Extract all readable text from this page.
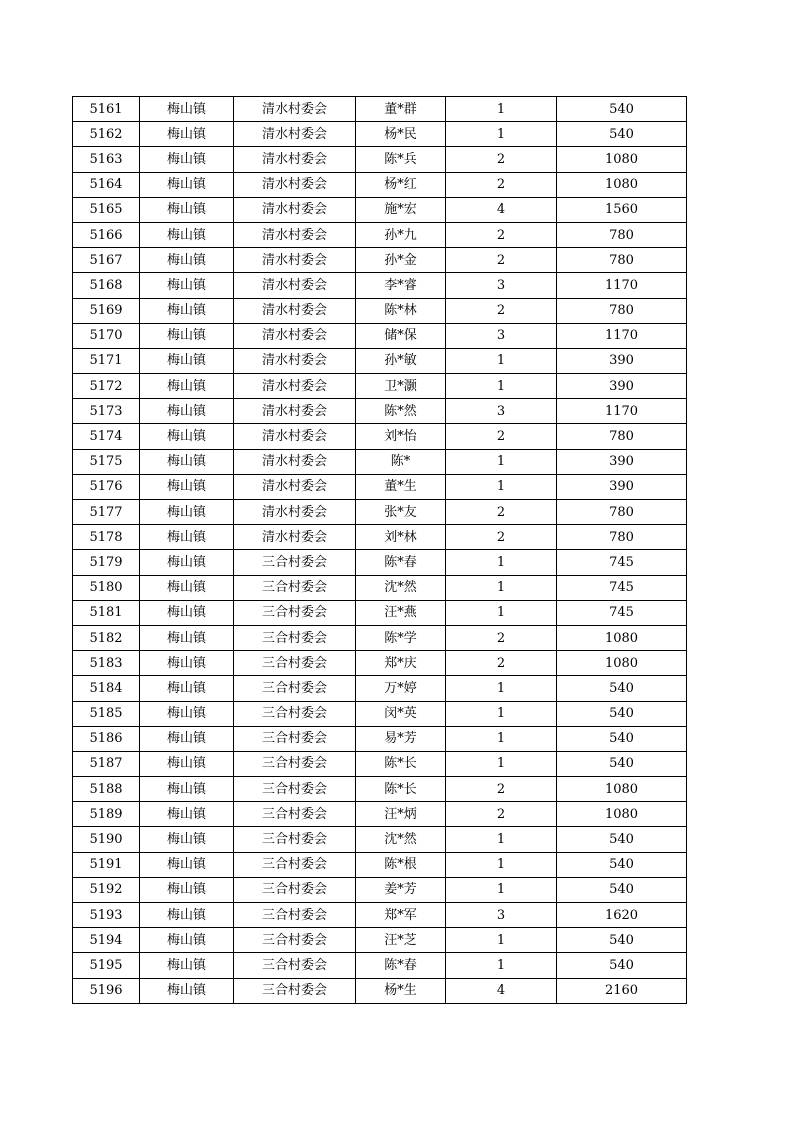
5161	梅山镇	清水村委会	董*群	1	540
5162	梅山镇	清水村委会	杨*民	1	540
5163	梅山镇	清水村委会	陈*兵	2	1080
5164	梅山镇	清水村委会	杨*红	2	1080
5165	梅山镇	清水村委会	施*宏	4	1560
5166	梅山镇	清水村委会	孙*九	2	780
5167	梅山镇	清水村委会	孙*金	2	780
5168	梅山镇	清水村委会	李*睿	3	1170
5169	梅山镇	清水村委会	陈*林	2	780
5170	梅山镇	清水村委会	储*保	3	1170
5171	梅山镇	清水村委会	孙*敏	1	390
5172	梅山镇	清水村委会	卫*灏	1	390
5173	梅山镇	清水村委会	陈*然	3	1170
5174	梅山镇	清水村委会	刘*怡	2	780
5175	梅山镇	清水村委会	陈*	1	390
5176	梅山镇	清水村委会	董*生	1	390
5177	梅山镇	清水村委会	张*友	2	780
5178	梅山镇	清水村委会	刘*林	2	780
5179	梅山镇	三合村委会	陈*春	1	745
5180	梅山镇	三合村委会	沈*然	1	745
5181	梅山镇	三合村委会	汪*燕	1	745
5182	梅山镇	三合村委会	陈*学	2	1080
5183	梅山镇	三合村委会	郑*庆	2	1080
5184	梅山镇	三合村委会	万*婷	1	540
5185	梅山镇	三合村委会	闵*英	1	540
5186	梅山镇	三合村委会	易*芳	1	540
5187	梅山镇	三合村委会	陈*长	1	540
5188	梅山镇	三合村委会	陈*长	2	1080
5189	梅山镇	三合村委会	汪*炳	2	1080
5190	梅山镇	三合村委会	沈*然	1	540
5191	梅山镇	三合村委会	陈*根	1	540
5192	梅山镇	三合村委会	姜*芳	1	540
5193	梅山镇	三合村委会	郑*军	3	1620
5194	梅山镇	三合村委会	汪*芝	1	540
5195	梅山镇	三合村委会	陈*春	1	540
5196	梅山镇	三合村委会	杨*生	4	2160
